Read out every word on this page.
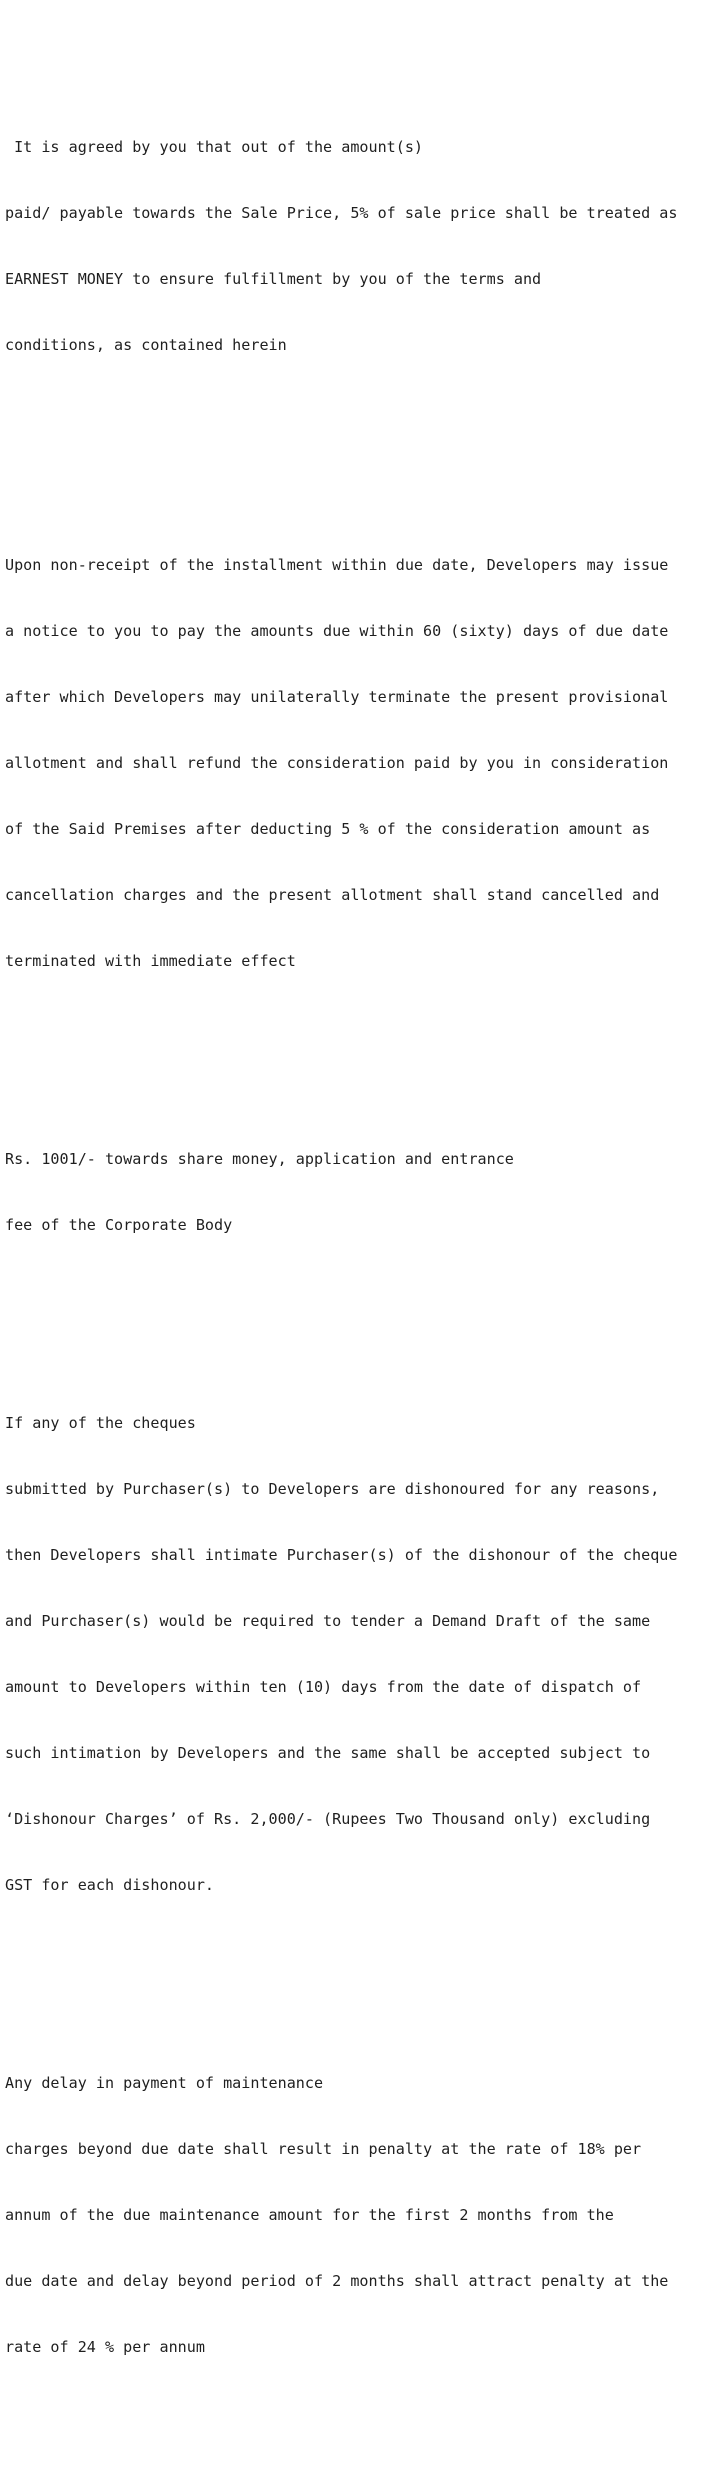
It is agreed by you that out of the amount(s)

paid/ payable towards the Sale Price, 5% of sale price shall be treated as

EARNEST MONEY to ensure fulfillment by you of the terms and

conditions, as contained herein

Upon non-receipt of the installment within due date, Developers may issue

a notice to you to pay the amounts due within 60 (sixty) days of due date

after which Developers may unilaterally terminate the present provisional

allotment and shall refund the consideration paid by you in consideration

of the Said Premises after deducting 5 % of the consideration amount as

cancellation charges and the present allotment shall stand cancelled and

terminated with immediate effect

Rs. 1001/- towards share money, application and entrance

fee of the Corporate Body

If any of the cheques

submitted by Purchaser(s) to Developers are dishonoured for any reasons,

then Developers shall intimate Purchaser(s) of the dishonour of the cheque

and Purchaser(s) would be required to tender a Demand Draft of the same

amount to Developers within ten (10) days from the date of dispatch of

such intimation by Developers and the same shall be accepted subject to

‘Dishonour Charges’ of Rs. 2,000/- (Rupees Two Thousand only) excluding

GST for each dishonour.

Any delay in payment of maintenance

charges beyond due date shall result in penalty at the rate of 18% per

annum of the due maintenance amount for the first 2 months from the

due date and delay beyond period of 2 months shall attract penalty at the

rate of 24 % per annum
